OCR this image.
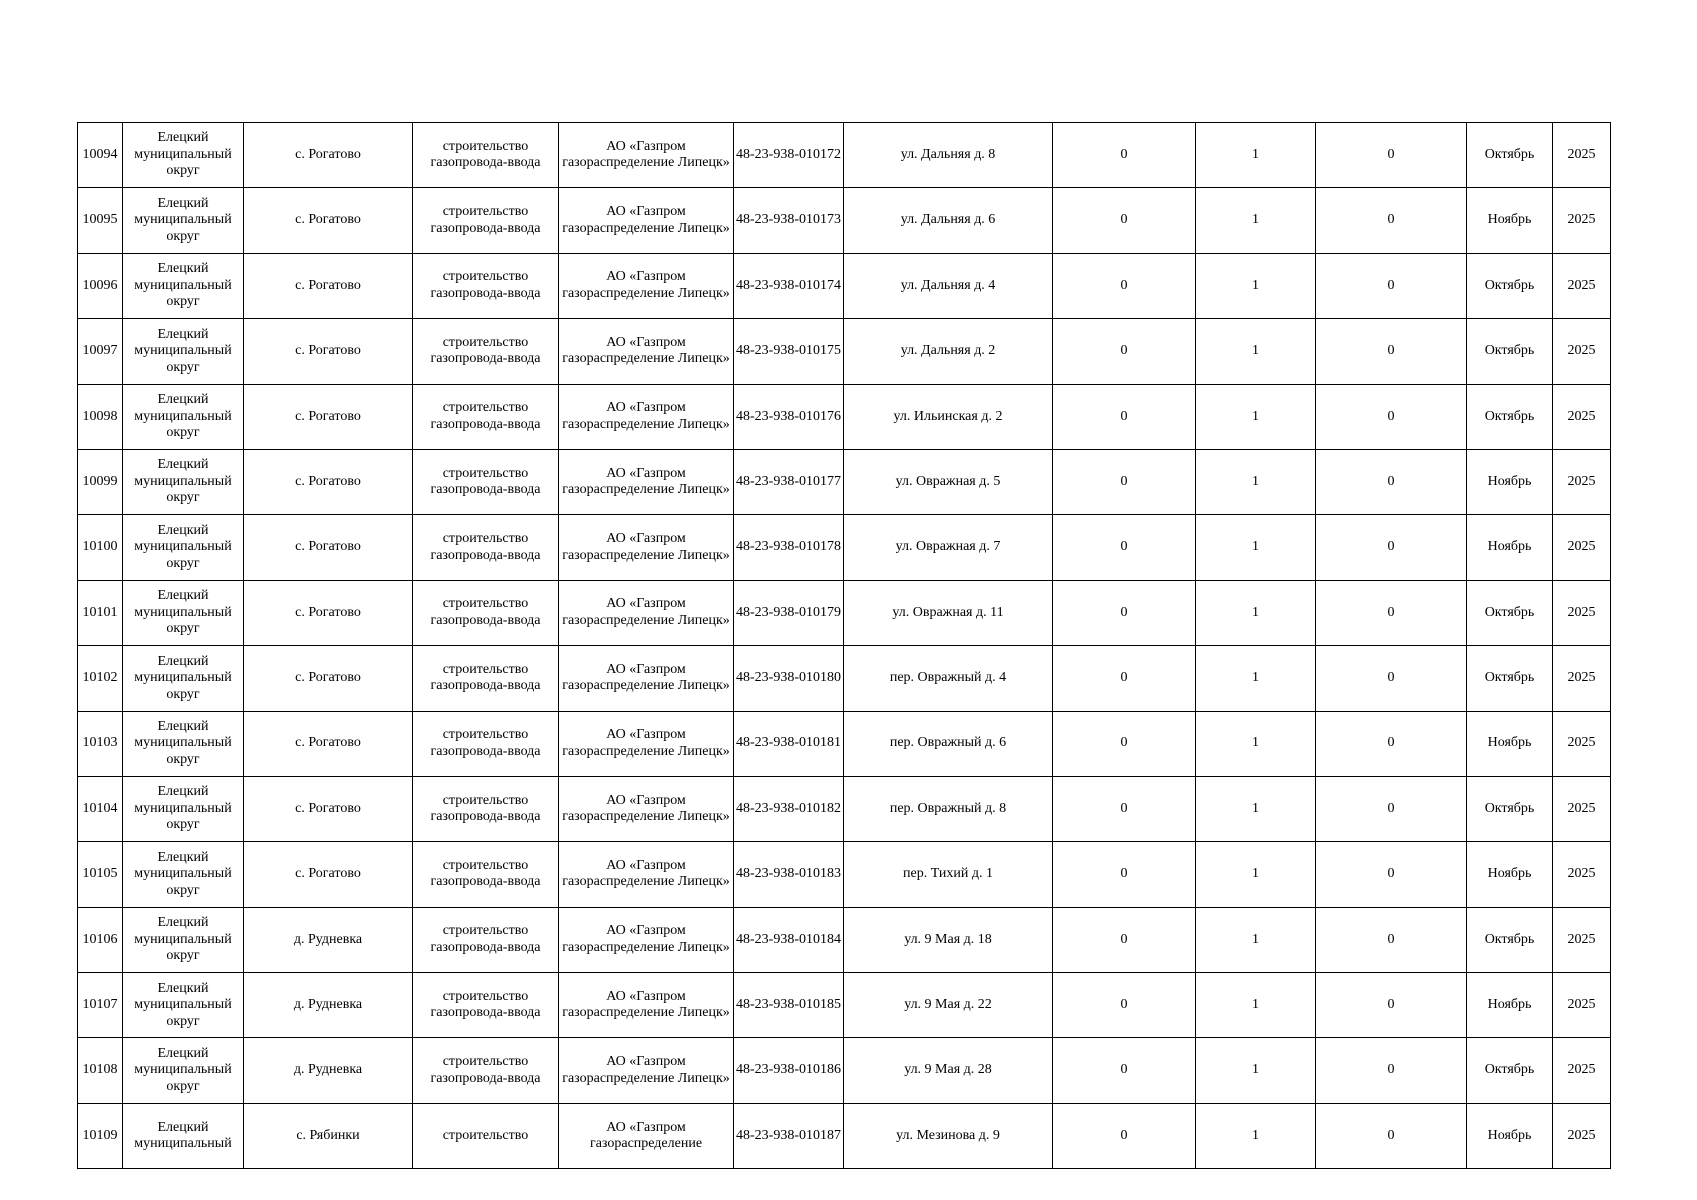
10094	Елецкий муниципальный округ	с. Рогатово	строительство газопровода-ввода	АО «Газпром газораспределение Липецк»	48-23-938-010172	ул. Дальняя д. 8	0	1	0	Октябрь	2025
10095	Елецкий муниципальный округ	с. Рогатово	строительство газопровода-ввода	АО «Газпром газораспределение Липецк»	48-23-938-010173	ул. Дальняя д. 6	0	1	0	Ноябрь	2025
10096	Елецкий муниципальный округ	с. Рогатово	строительство газопровода-ввода	АО «Газпром газораспределение Липецк»	48-23-938-010174	ул. Дальняя д. 4	0	1	0	Октябрь	2025
10097	Елецкий муниципальный округ	с. Рогатово	строительство газопровода-ввода	АО «Газпром газораспределение Липецк»	48-23-938-010175	ул. Дальняя д. 2	0	1	0	Октябрь	2025
10098	Елецкий муниципальный округ	с. Рогатово	строительство газопровода-ввода	АО «Газпром газораспределение Липецк»	48-23-938-010176	ул. Ильинская д. 2	0	1	0	Октябрь	2025
10099	Елецкий муниципальный округ	с. Рогатово	строительство газопровода-ввода	АО «Газпром газораспределение Липецк»	48-23-938-010177	ул. Овражная д. 5	0	1	0	Ноябрь	2025
10100	Елецкий муниципальный округ	с. Рогатово	строительство газопровода-ввода	АО «Газпром газораспределение Липецк»	48-23-938-010178	ул. Овражная д. 7	0	1	0	Ноябрь	2025
10101	Елецкий муниципальный округ	с. Рогатово	строительство газопровода-ввода	АО «Газпром газораспределение Липецк»	48-23-938-010179	ул. Овражная д. 11	0	1	0	Октябрь	2025
10102	Елецкий муниципальный округ	с. Рогатово	строительство газопровода-ввода	АО «Газпром газораспределение Липецк»	48-23-938-010180	пер. Овражный д. 4	0	1	0	Октябрь	2025
10103	Елецкий муниципальный округ	с. Рогатово	строительство газопровода-ввода	АО «Газпром газораспределение Липецк»	48-23-938-010181	пер. Овражный д. 6	0	1	0	Ноябрь	2025
10104	Елецкий муниципальный округ	с. Рогатово	строительство газопровода-ввода	АО «Газпром газораспределение Липецк»	48-23-938-010182	пер. Овражный д. 8	0	1	0	Октябрь	2025
10105	Елецкий муниципальный округ	с. Рогатово	строительство газопровода-ввода	АО «Газпром газораспределение Липецк»	48-23-938-010183	пер. Тихий д. 1	0	1	0	Ноябрь	2025
10106	Елецкий муниципальный округ	д. Рудневка	строительство газопровода-ввода	АО «Газпром газораспределение Липецк»	48-23-938-010184	ул. 9 Мая д. 18	0	1	0	Октябрь	2025
10107	Елецкий муниципальный округ	д. Рудневка	строительство газопровода-ввода	АО «Газпром газораспределение Липецк»	48-23-938-010185	ул. 9 Мая д. 22	0	1	0	Ноябрь	2025
10108	Елецкий муниципальный округ	д. Рудневка	строительство газопровода-ввода	АО «Газпром газораспределение Липецк»	48-23-938-010186	ул. 9 Мая д. 28	0	1	0	Октябрь	2025
10109	Елецкий муниципальный	с. Рябинки	строительство	АО «Газпром газораспределение	48-23-938-010187	ул. Мезинова д. 9	0	1	0	Ноябрь	2025
